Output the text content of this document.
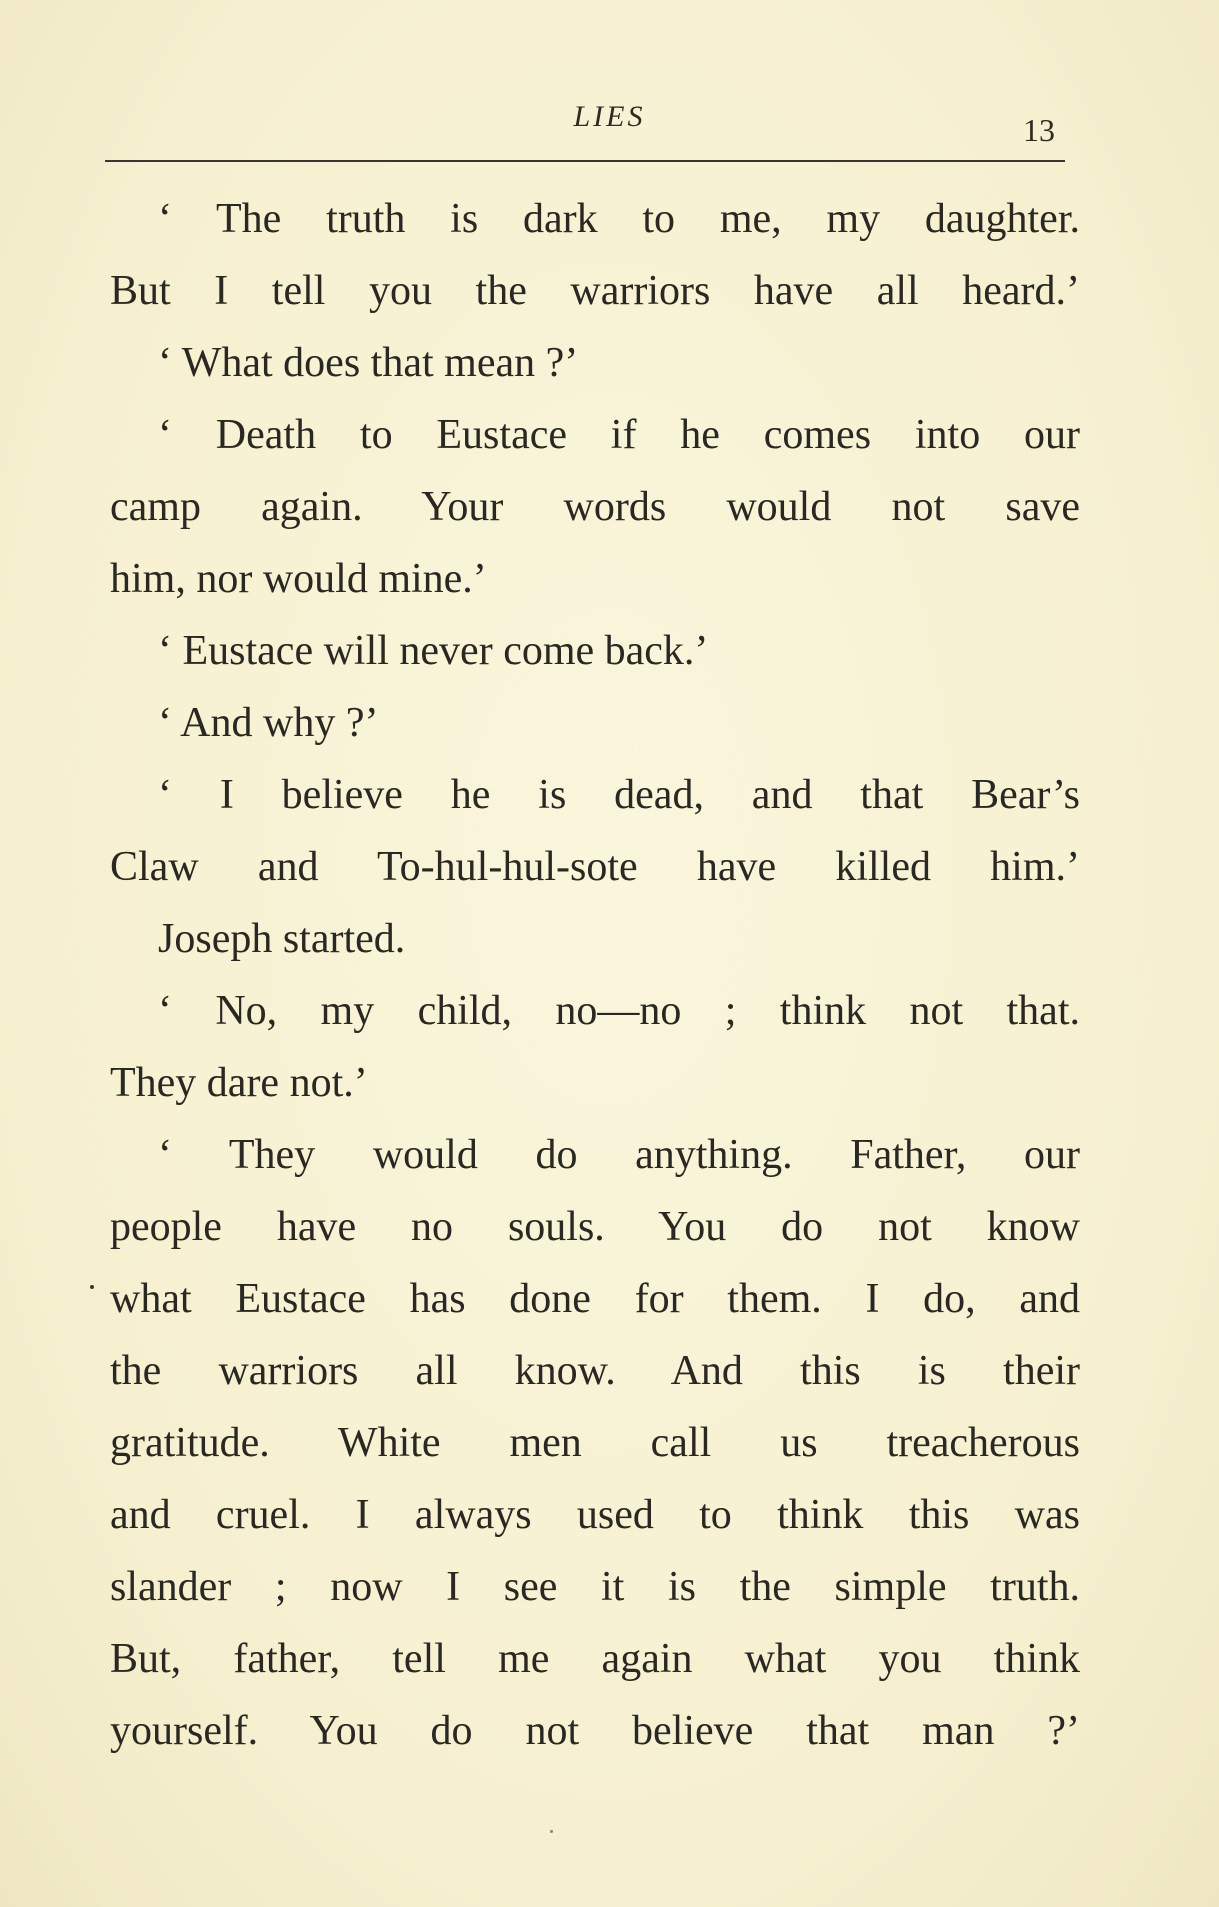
LIES	13
‘ The truth is dark to me, my daughter.
But I tell you the warriors have all heard.’
‘ What does that mean ?’
‘ Death to Eustace if he comes into our
camp again. Your words would not save
him, nor would mine.’
‘ Eustace will never come back.’
‘ And why ?’
‘ I believe he is dead, and that Bear’s
Claw and To-hul-hul-sote have killed him.’
Joseph started.
‘ No, my child, no—no ; think not that.
They dare not.’
‘ They would do anything. Father, our
people have no souls. You do not know
what Eustace has done for them. I do, and
the warriors all know. And this is their
gratitude. White men call us treacherous
and cruel. I always used to think this was
slander ; now I see it is the simple truth.
But, father, tell me again what you think
yourself. You do not believe that man ?’
